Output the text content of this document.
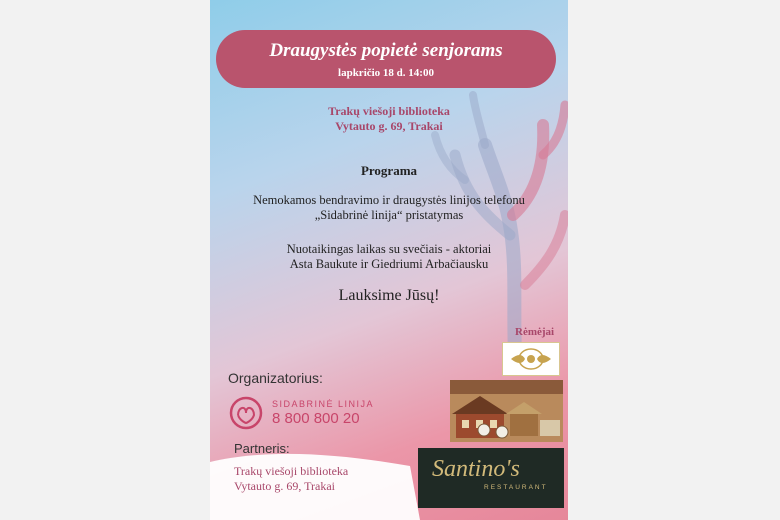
Draugystės popietė senjorams
lapkričio 18 d. 14:00
Trakų viešoji biblioteka
Vytauto g. 69, Trakai
Programa
Nemokamos bendravimo ir draugystės linijos telefonu
„Sidabrinė linija“ pristatymas
Nuotaikingas laikas su svečiais - aktoriai
Asta Baukute ir Giedriumi Arbačiausku
Lauksime Jūsų!
Rėmėjai
Santino's
RESTAURANT
Organizatorius:
SIDABRINĖ LINIJA
8 800 800 20
Partneris:
Trakų viešoji biblioteka
Vytauto g. 69, Trakai
